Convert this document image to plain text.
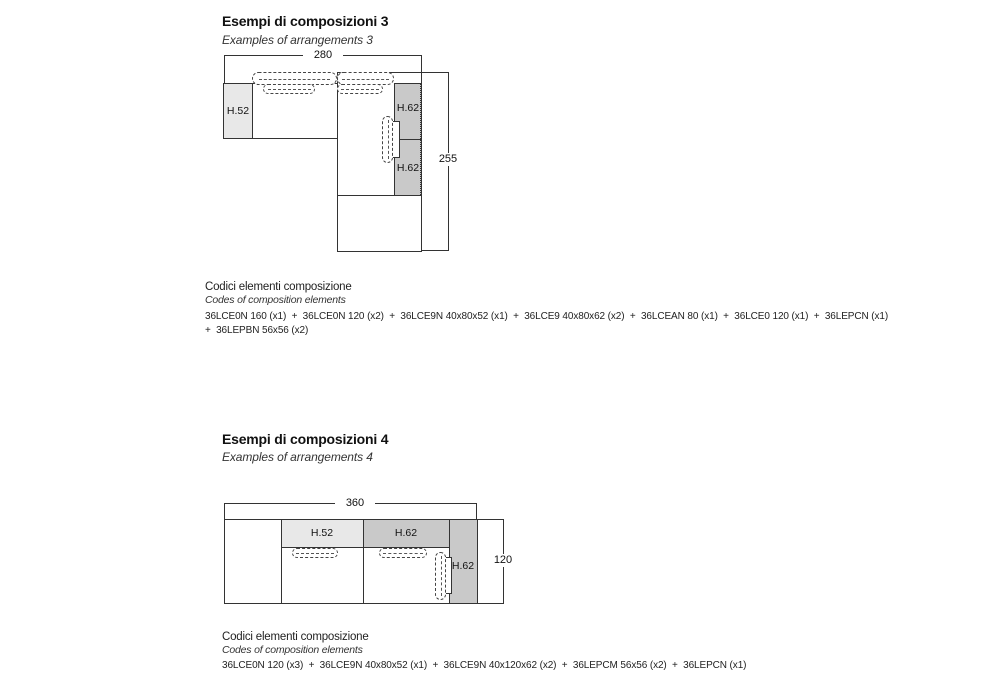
Esempi di composizioni 3
Examples of arrangements 3
280
255
H.52	H.62
H.62
Codici elementi composizione
Codes of composition elements
36LCE0N 160 (x1)  +  36LCE0N 120 (x2)  +  36LCE9N 40x80x52 (x1)  +  36LCE9 40x80x62 (x2)  +  36LCEAN 80 (x1)  +  36LCE0 120 (x1)  +  36LEPCN (x1)
+  36LEPBN 56x56 (x2)
Esempi di composizioni 4
Examples of arrangements 4
360
120
H.52	H.62
H.62
Codici elementi composizione
Codes of composition elements
36LCE0N 120 (x3)  +  36LCE9N 40x80x52 (x1)  +  36LCE9N 40x120x62 (x2)  +  36LEPCM 56x56 (x2)  +  36LEPCN (x1)
